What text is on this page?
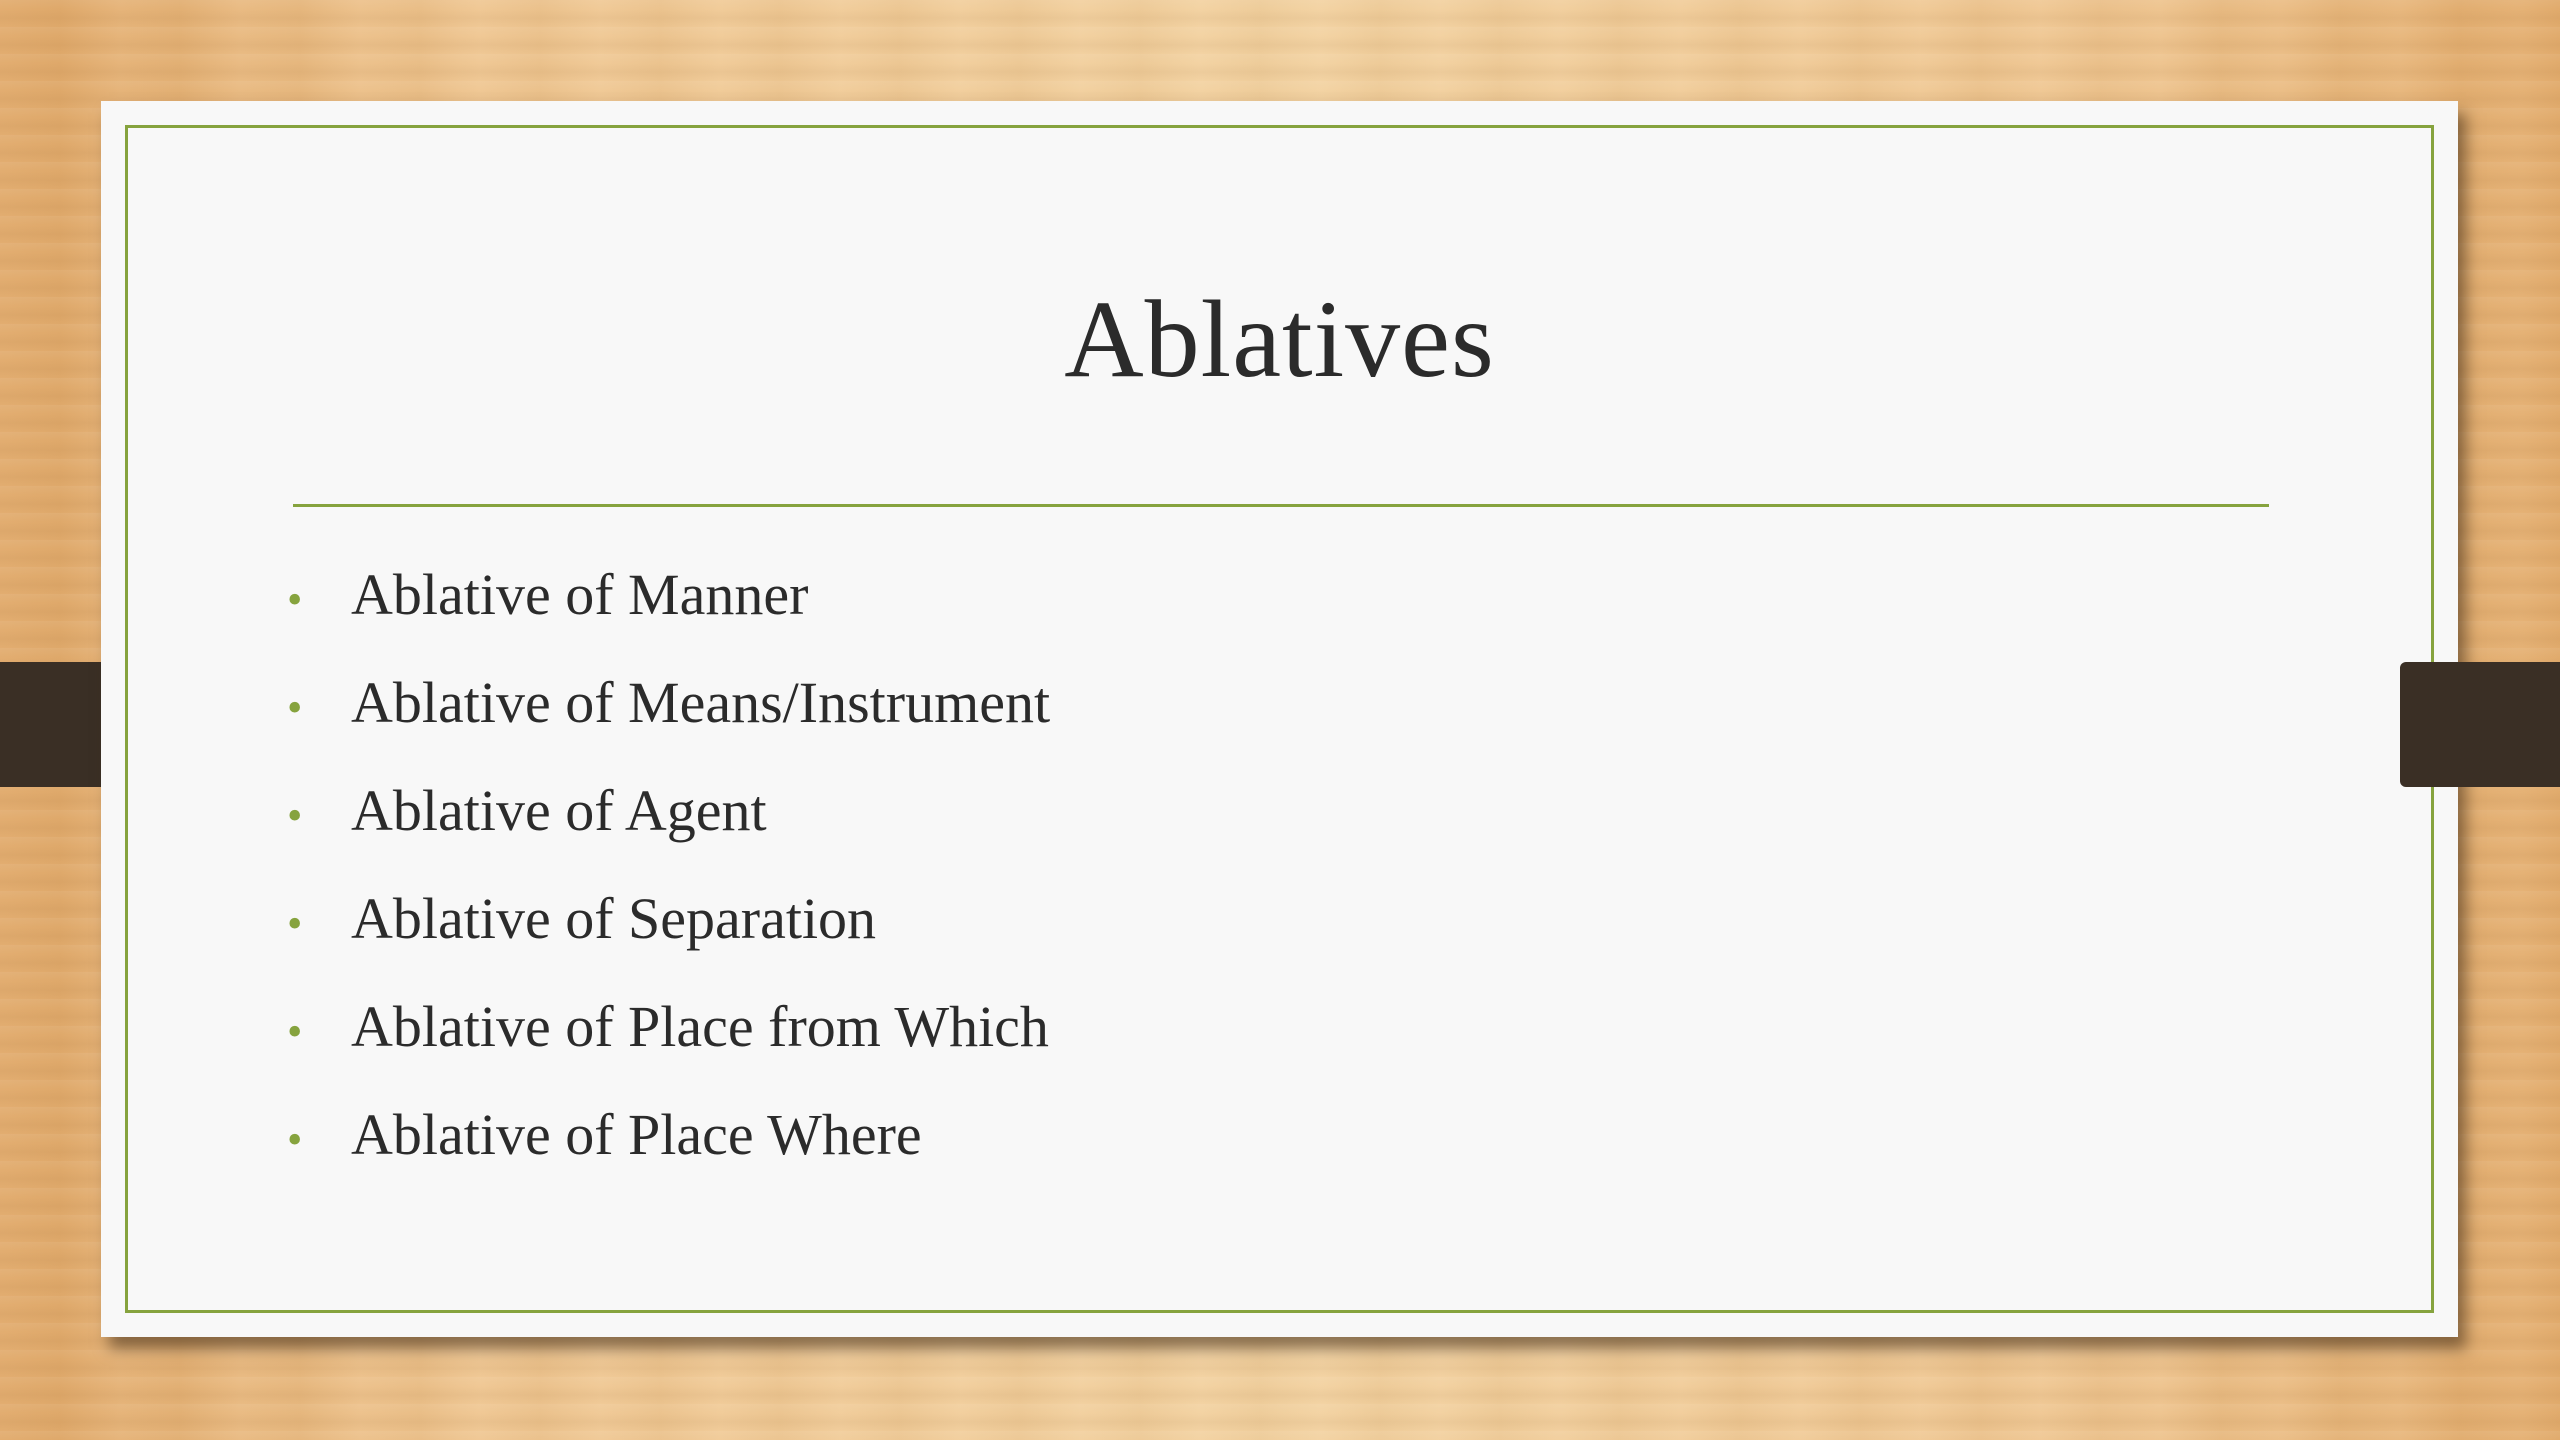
Ablatives
• Ablative of Manner
• Ablative of Means/Instrument
• Ablative of Agent
• Ablative of Separation
• Ablative of Place from Which
• Ablative of Place Where
